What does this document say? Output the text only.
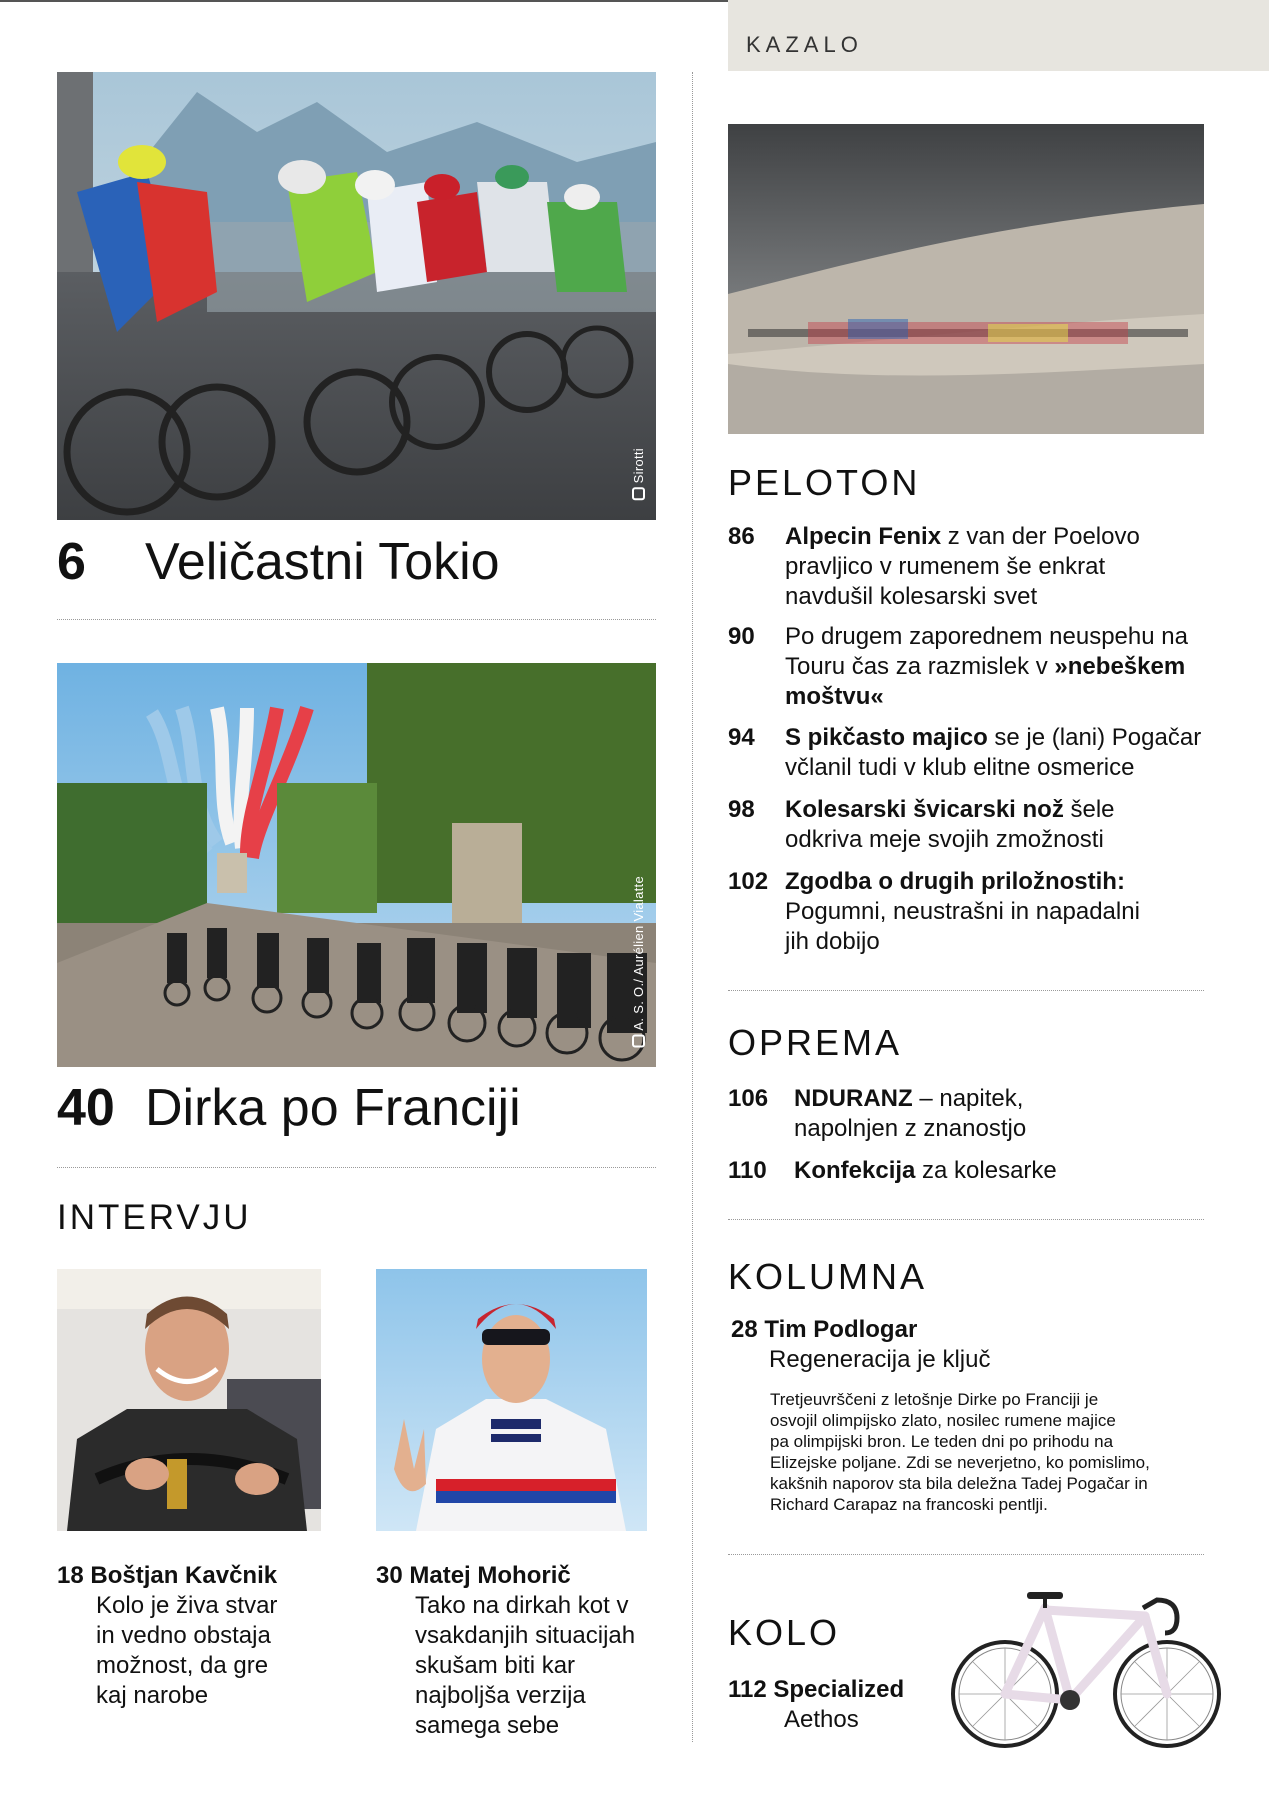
KAZALO
Sirotti
6 Veličastni Tokio
A. S. O./ Aurélien Vialatte
40 Dirka po Franciji
INTERVJU
18 Boštjan Kavčnik
Kolo je živa stvar
in vedno obstaja
možnost, da gre
kaj narobe
30 Matej Mohorič
Tako na dirkah kot v
vsakdanjih situacijah
skušam biti kar
najboljša verzija
samega sebe
PELOTON
86 Alpecin Fenix z van der Poelovo
pravljico v rumenem še enkrat
navdušil kolesarski svet
90 Po drugem zaporednem neuspehu na
Touru čas za razmislek v »nebeškem
moštvu«
94 S pikčasto majico se je (lani) Pogačar
včlanil tudi v klub elitne osmerice
98 Kolesarski švicarski nož šele
odkriva meje svojih zmožnosti
102 Zgodba o drugih priložnostih:
Pogumni, neustrašni in napadalni
jih dobijo
OPREMA
106 NDURANZ – napitek,
napolnjen z znanostjo
110 Konfekcija za kolesarke
KOLUMNA
28 Tim Podlogar
Regeneracija je ključ
Tretjeuvrščeni z letošnje Dirke po Franciji je
osvojil olimpijsko zlato, nosilec rumene majice
pa olimpijski bron. Le teden dni po prihodu na
Elizejske poljane. Zdi se neverjetno, ko pomislimo,
kakšnih naporov sta bila deležna Tadej Pogačar in
Richard Carapaz na francoski pentlji.
KOLO
112 Specialized
Aethos
